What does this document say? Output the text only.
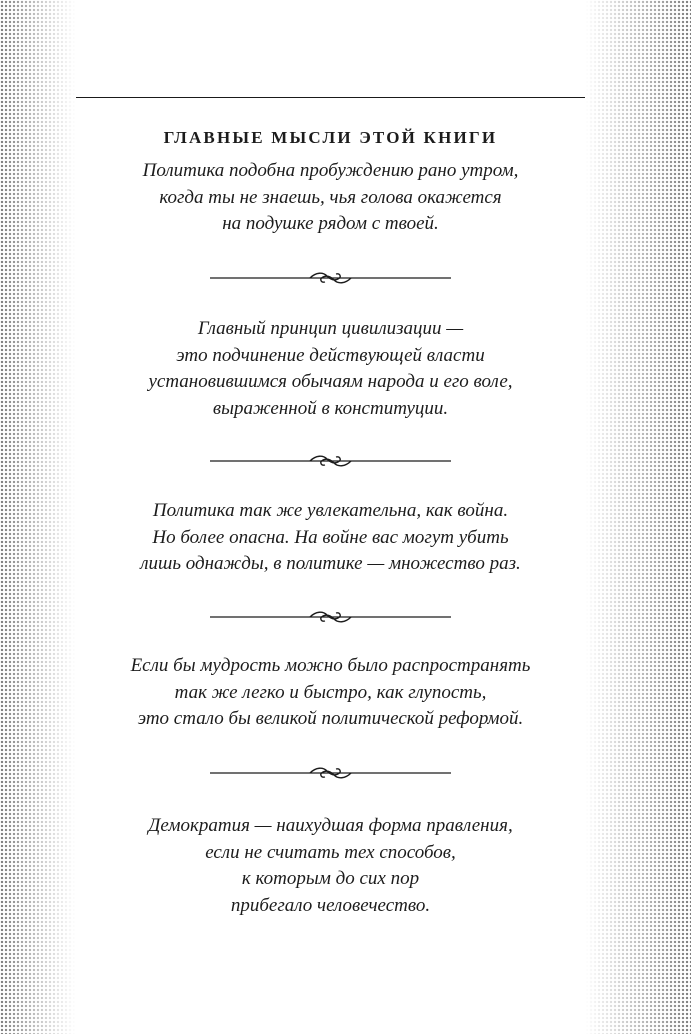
ГЛАВНЫЕ МЫСЛИ ЭТОЙ КНИГИ
Политика подобна пробуждению рано утром,
когда ты не знаешь, чья голова окажется
на подушке рядом с твоей.
Главный принцип цивилизации —
это подчинение действующей власти
установившимся обычаям народа и его воле,
выраженной в конституции.
Политика так же увлекательна, как война.
Но более опасна. На войне вас могут убить
лишь однажды, в политике — множество раз.
Если бы мудрость можно было распространять
так же легко и быстро, как глупость,
это стало бы великой политической реформой.
Демократия — наихудшая форма правления,
если не считать тех способов,
к которым до сих пор
прибегало человечество.
